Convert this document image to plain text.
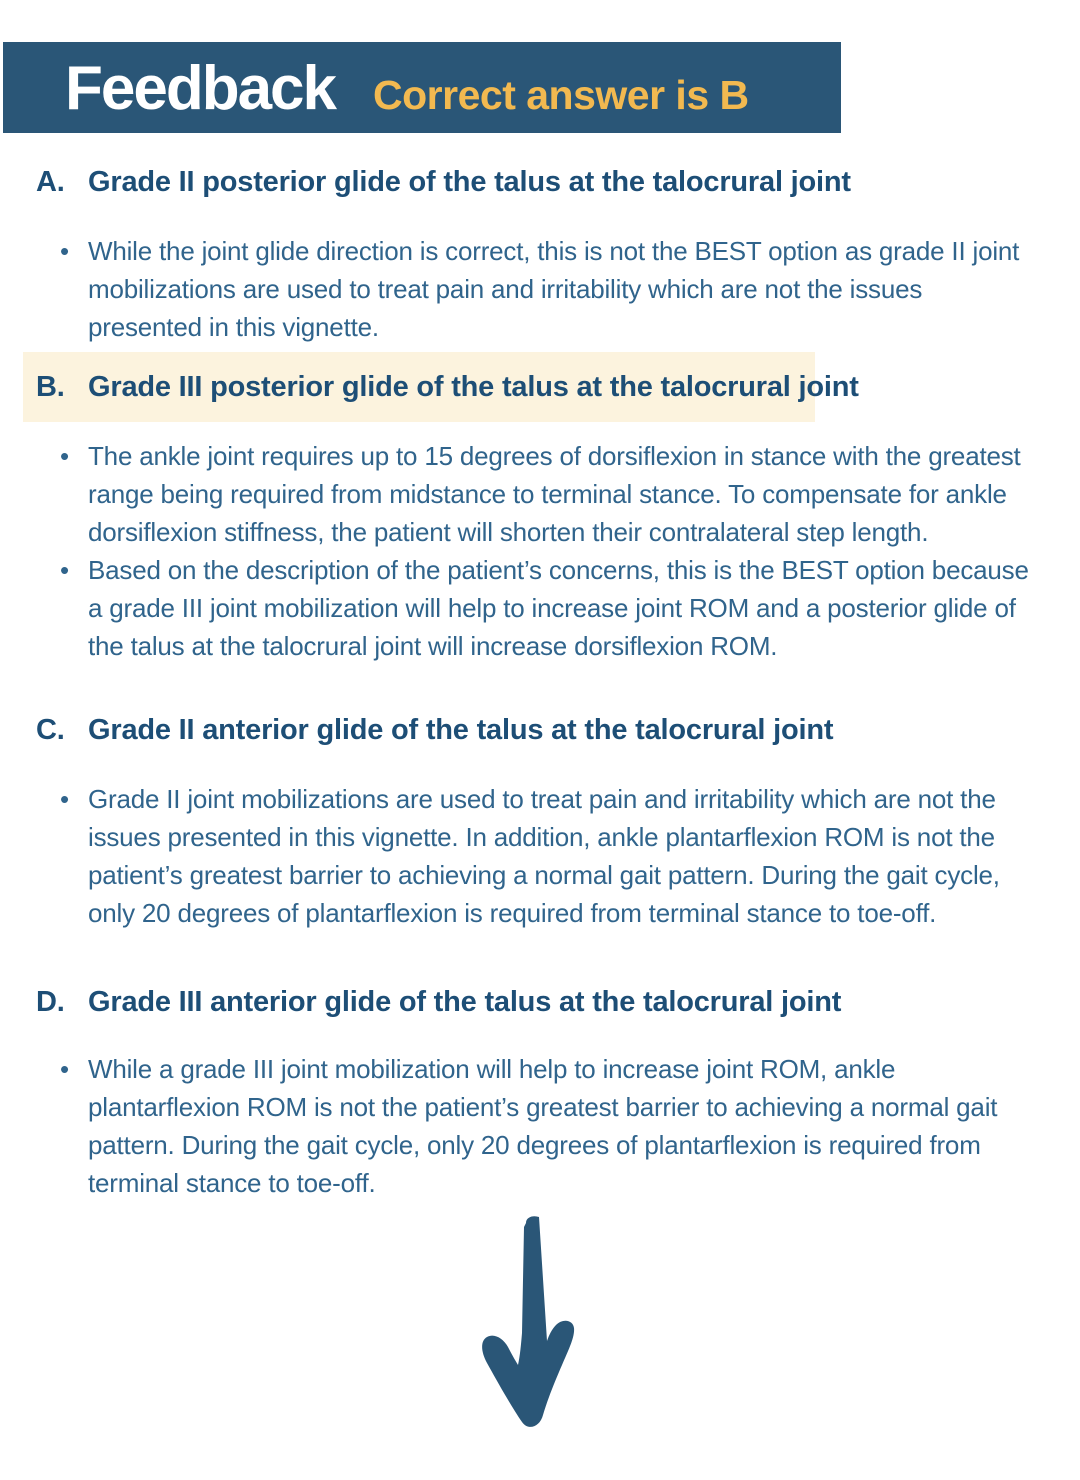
Feedback Correct answer is B
A. Grade II posterior glide of the talus at the talocrural joint
• While the joint glide direction is correct, this is not the BEST option as grade II joint mobilizations are used to treat pain and irritability which are not the issues presented in this vignette.
B. Grade III posterior glide of the talus at the talocrural joint
• The ankle joint requires up to 15 degrees of dorsiflexion in stance with the greatest range being required from midstance to terminal stance. To compensate for ankle dorsiflexion stiffness, the patient will shorten their contralateral step length.
• Based on the description of the patient’s concerns, this is the BEST option because a grade III joint mobilization will help to increase joint ROM and a posterior glide of the talus at the talocrural joint will increase dorsiflexion ROM.
C. Grade II anterior glide of the talus at the talocrural joint
• Grade II joint mobilizations are used to treat pain and irritability which are not the issues presented in this vignette. In addition, ankle plantarflexion ROM is not the patient’s greatest barrier to achieving a normal gait pattern. During the gait cycle, only 20 degrees of plantarflexion is required from terminal stance to toe-off.
D. Grade III anterior glide of the talus at the talocrural joint
• While a grade III joint mobilization will help to increase joint ROM, ankle plantarflexion ROM is not the patient’s greatest barrier to achieving a normal gait pattern. During the gait cycle, only 20 degrees of plantarflexion is required from terminal stance to toe-off.
